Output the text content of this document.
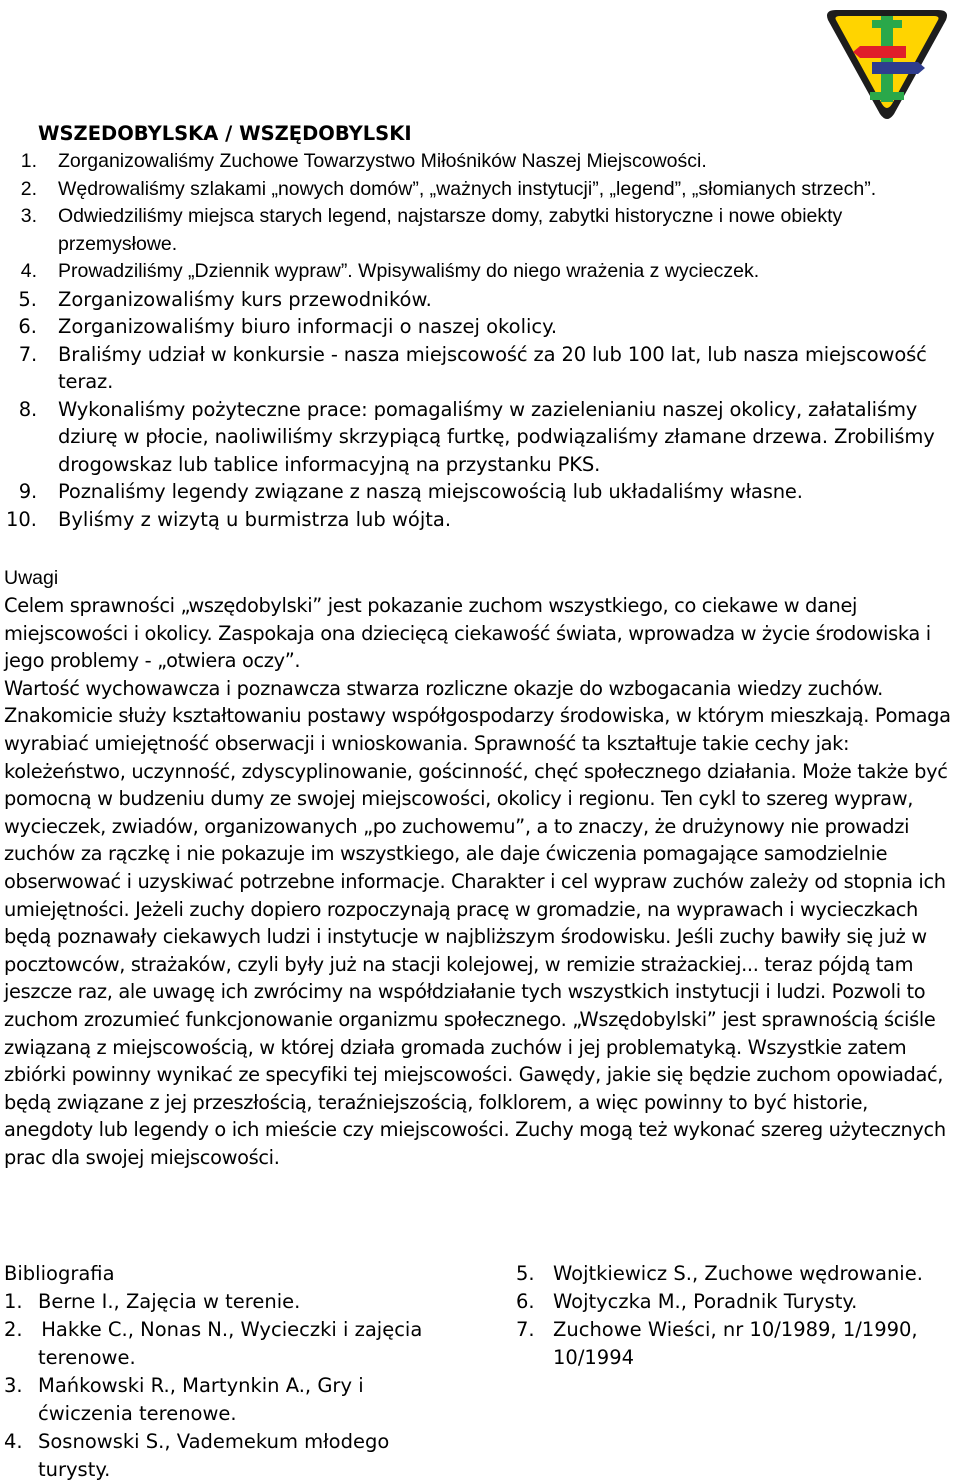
WSZEDOBYLSKA / WSZĘDOBYLSKI
1. Zorganizowaliśmy Zuchowe Towarzystwo Miłośników Naszej Miejscowości.
2. Wędrowaliśmy szlakami „nowych domów”, „ważnych instytucji”, „legend”, „słomianych strzech”.
3. Odwiedziliśmy miejsca starych legend, najstarsze domy, zabytki historyczne i nowe obiekty przemysłowe.
4. Prowadziliśmy „Dziennik wypraw”. Wpisywaliśmy do niego wrażenia z wycieczek.
5. Zorganizowaliśmy kurs przewodników.
6. Zorganizowaliśmy biuro informacji o naszej okolicy.
7. Braliśmy udział w konkursie - nasza miejscowość za 20 lub 100 lat, lub nasza miejscowość teraz.
8. Wykonaliśmy pożyteczne prace: pomagaliśmy w zazielenianiu naszej okolicy, załataliśmy dziurę w płocie, naoliwiliśmy skrzypiącą furtkę, podwiązaliśmy złamane drzewa. Zrobiliśmy drogowskaz lub tablice informacyjną na przystanku PKS.
9. Poznaliśmy legendy związane z naszą miejscowością lub układaliśmy własne.
10. Byliśmy z wizytą u burmistrza lub wójta.
Uwagi

Celem sprawności „wszędobylski” jest pokazanie zuchom wszystkiego, co ciekawe w danej miejscowości i okolicy. Zaspokaja ona dziecięcą ciekawość świata, wprowadza w życie środowiska i jego problemy - „otwiera oczy”.

Wartość wychowawcza i poznawcza stwarza rozliczne okazje do wzbogacania wiedzy zuchów. Znakomicie służy kształtowaniu postawy współgospodarzy środowiska, w którym mieszkają. Pomaga wyrabiać umiejętność obserwacji i wnioskowania. Sprawność ta kształtuje takie cechy jak: koleżeństwo, uczynność, zdyscyplinowanie, gościnność, chęć społecznego działania. Może także być pomocną w budzeniu dumy ze swojej miejscowości, okolicy i regionu. Ten cykl to szereg wypraw, wycieczek, zwiadów, organizowanych „po zuchowemu”, a to znaczy, że drużynowy nie prowadzi zuchów za rączkę i nie pokazuje im wszystkiego, ale daje ćwiczenia pomagające samodzielnie obserwować i uzyskiwać potrzebne informacje. Charakter i cel wypraw zuchów zależy od stopnia ich umiejętności. Jeżeli zuchy dopiero rozpoczynają pracę w gromadzie, na wyprawach i wycieczkach będą poznawały ciekawych ludzi i instytucje w najbliższym środowisku. Jeśli zuchy bawiły się już w pocztowców, strażaków, czyli były już na stacji kolejowej, w remizie strażackiej... teraz pójdą tam jeszcze raz, ale uwagę ich zwrócimy na współdziałanie tych wszystkich instytucji i ludzi. Pozwoli to zuchom zrozumieć funkcjonowanie organizmu społecznego. „Wszędobylski” jest sprawnością ściśle związaną z miejscowością, w której działa gromada zuchów i jej problematyką. Wszystkie zatem zbiórki powinny wynikać ze specyfiki tej miejscowości. Gawędy, jakie się będzie zuchom opowiadać, będą związane z jej przeszłością, teraźniejszością, folklorem, a więc powinny to być historie, anegdoty lub legendy o ich mieście czy miejscowości. Zuchy mogą też wykonać szereg użytecznych prac dla swojej miejscowości.

Bibliografia
1. Berne I., Zajęcia w terenie.
2. Hakke C., Nonas N., Wycieczki i zajęcia terenowe.
3. Mańkowski R., Martynkin A., Gry i ćwiczenia terenowe.
4. Sosnowski S., Vademekum młodego turysty.
5. Wojtkiewicz S., Zuchowe wędrowanie.
6. Wojtyczka M., Poradnik Turysty.
7. Zuchowe Wieści, nr 10/1989, 1/1990, 10/1994
